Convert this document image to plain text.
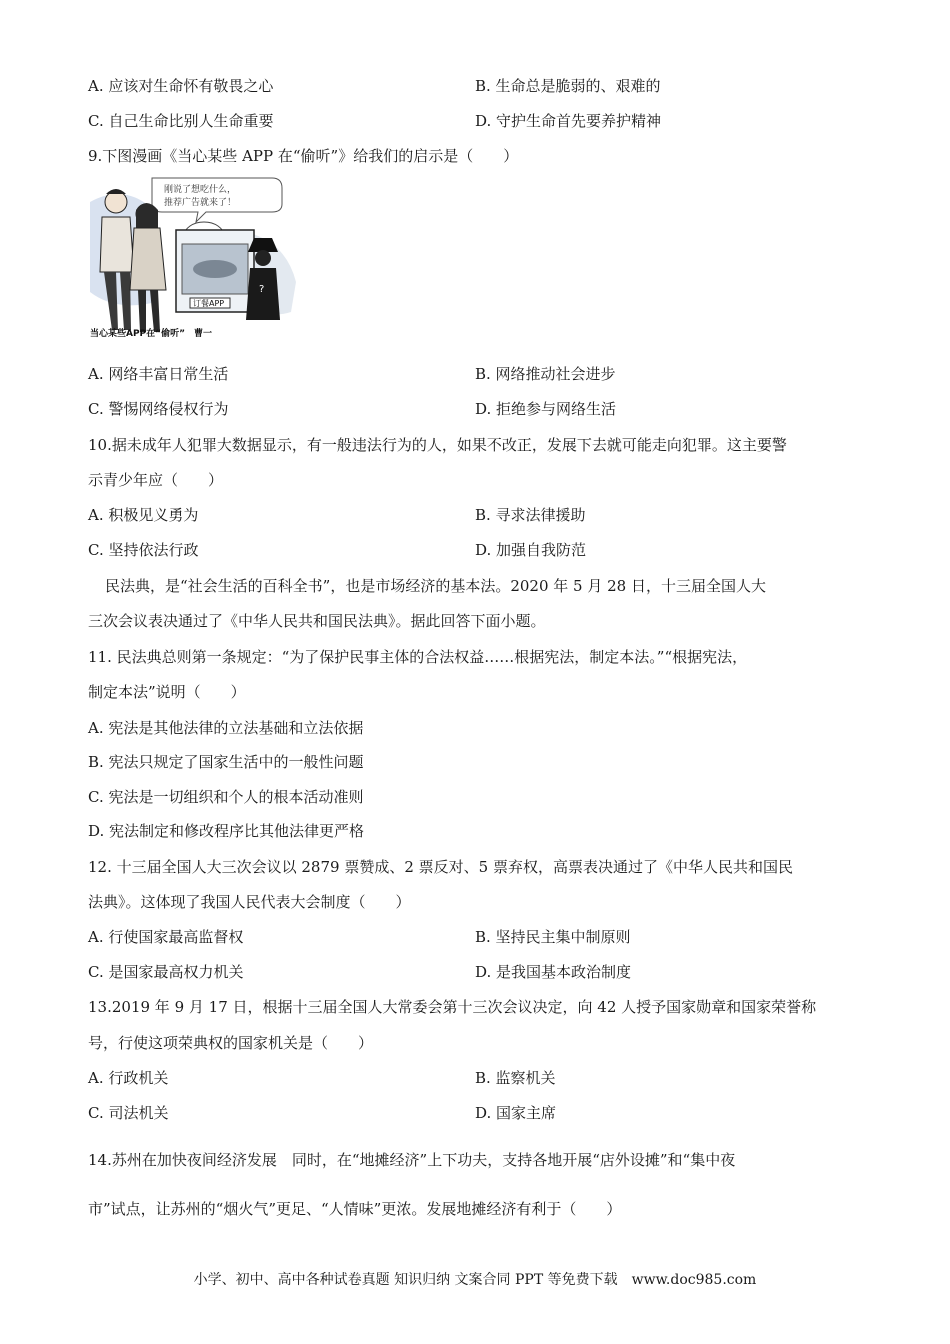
A. 应该对生命怀有敬畏之心	B. 生命总是脆弱的、艰难的
C. 自己生命比别人生命重要	D. 守护生命首先要养护精神
9.下图漫画《当心某些 APP 在“偷听”》给我们的启示是（　　）
刚说了想吃什么，
推荐广告就来了！
订餐APP
?
当心某些APP在“偷听”　曹一
A. 网络丰富日常生活	B. 网络推动社会进步
C. 警惕网络侵权行为	D. 拒绝参与网络生活
10.据未成年人犯罪大数据显示，有一般违法行为的人，如果不改正，发展下去就可能走向犯罪。这主要警
示青少年应（　　）
A. 积极见义勇为	B. 寻求法律援助
C. 坚持依法行政	D. 加强自我防范
民法典，是“社会生活的百科全书”，也是市场经济的基本法。2020 年 5 月 28 日，十三届全国人大
三次会议表决通过了《中华人民共和国民法典》。据此回答下面小题。
11. 民法典总则第一条规定：“为了保护民事主体的合法权益……根据宪法，制定本法。”“根据宪法，
制定本法”说明（　　）
A. 宪法是其他法律的立法基础和立法依据
B. 宪法只规定了国家生活中的一般性问题
C. 宪法是一切组织和个人的根本活动准则
D. 宪法制定和修改程序比其他法律更严格
12. 十三届全国人大三次会议以 2879 票赞成、2 票反对、5 票弃权，高票表决通过了《中华人民共和国民
法典》。这体现了我国人民代表大会制度（　　）
A. 行使国家最高监督权	B. 坚持民主集中制原则
C. 是国家最高权力机关	D. 是我国基本政治制度
13.2019 年 9 月 17 日，根据十三届全国人大常委会第十三次会议决定，向 42 人授予国家勋章和国家荣誉称
号，行使这项荣典权的国家机关是（　　）
A. 行政机关	B. 监察机关
C. 司法机关	D. 国家主席
14.苏州在加快夜间经济发展　同时，在“地摊经济”上下功夫，支持各地开展“店外设摊”和“集中夜
市”试点，让苏州的“烟火气”更足、“人情味”更浓。发展地摊经济有利于（　　）
小学、初中、高中各种试卷真题 知识归纳 文案合同 PPT 等免费下载　www.doc985.com
